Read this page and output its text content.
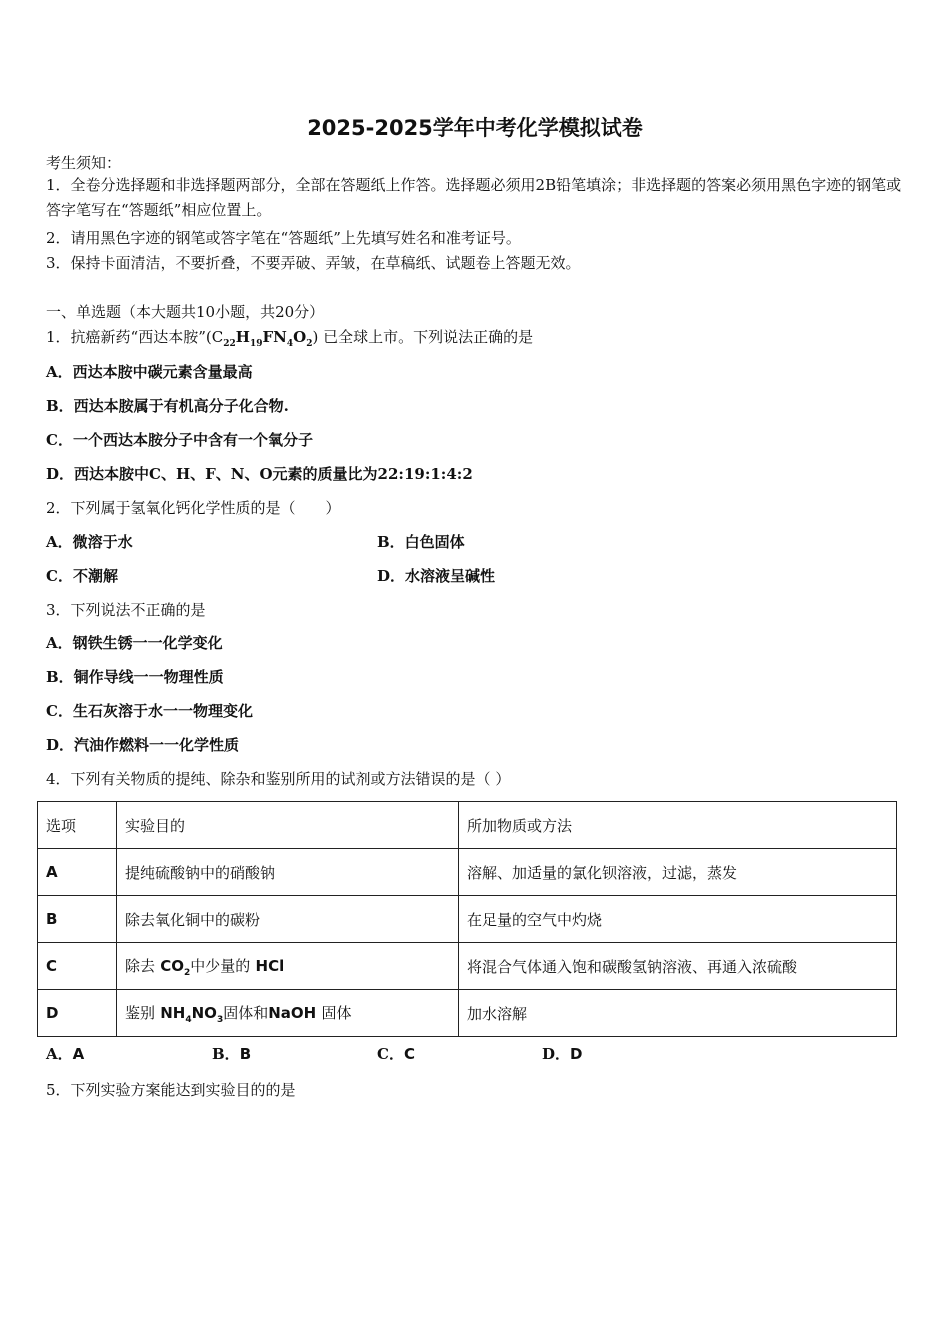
2025-2025学年中考化学模拟试卷
考生须知：
1．全卷分选择题和非选择题两部分，全部在答题纸上作答。选择题必须用2B铅笔填涂；非选择题的答案必须用黑色字迹的钢笔或答字笔写在“答题纸”相应位置上。
2．请用黑色字迹的钢笔或答字笔在“答题纸”上先填写姓名和准考证号。
3．保持卡面清洁，不要折叠，不要弄破、弄皱，在草稿纸、试题卷上答题无效。
一、单选题（本大题共10小题，共20分）
1．抗癌新药“西达本胺$”(C_{22}H_{19}FN_4O_2)$ 已全球上市。下列说法正确的是
A．西达本胺中碳元素含量最高
B．西达本胺属于有机高分子化合物.
C．一个西达本胺分子中含有一个氧分子
D．西达本胺中C、H、F、N、O元素的质量比为22:19:1:4:2
2．下列属于氢氧化钙化学性质的是（　　）
A．微溶于水	B．白色固体
C．不潮解	D．水溶液呈碱性
3．下列说法不正确的是
A．钢铁生锈一一化学变化
B．铜作导线一一物理性质
C．生石灰溶于水一一物理变化
D．汽油作燃料一一化学性质
4．下列有关物质的提纯、除杂和鉴别所用的试剂或方法错误的是（ ）
选项	实验目的	所加物质或方法
A	提纯硫酸钠中的硝酸钠	溶解、加适量的氯化钡溶液，过滤，蒸发
B	除去氧化铜中的碳粉	在足量的空气中灼烧
C	除去 $CO_2$中少量的 HCl	将混合气体通入饱和碳酸氢钠溶液、再通入浓硫酸
D	鉴别 $NH_4NO_3$固体和NaOH 固体	加水溶解
A．A	B．B	C．C	D．D
5．下列实验方案能达到实验目的的是
